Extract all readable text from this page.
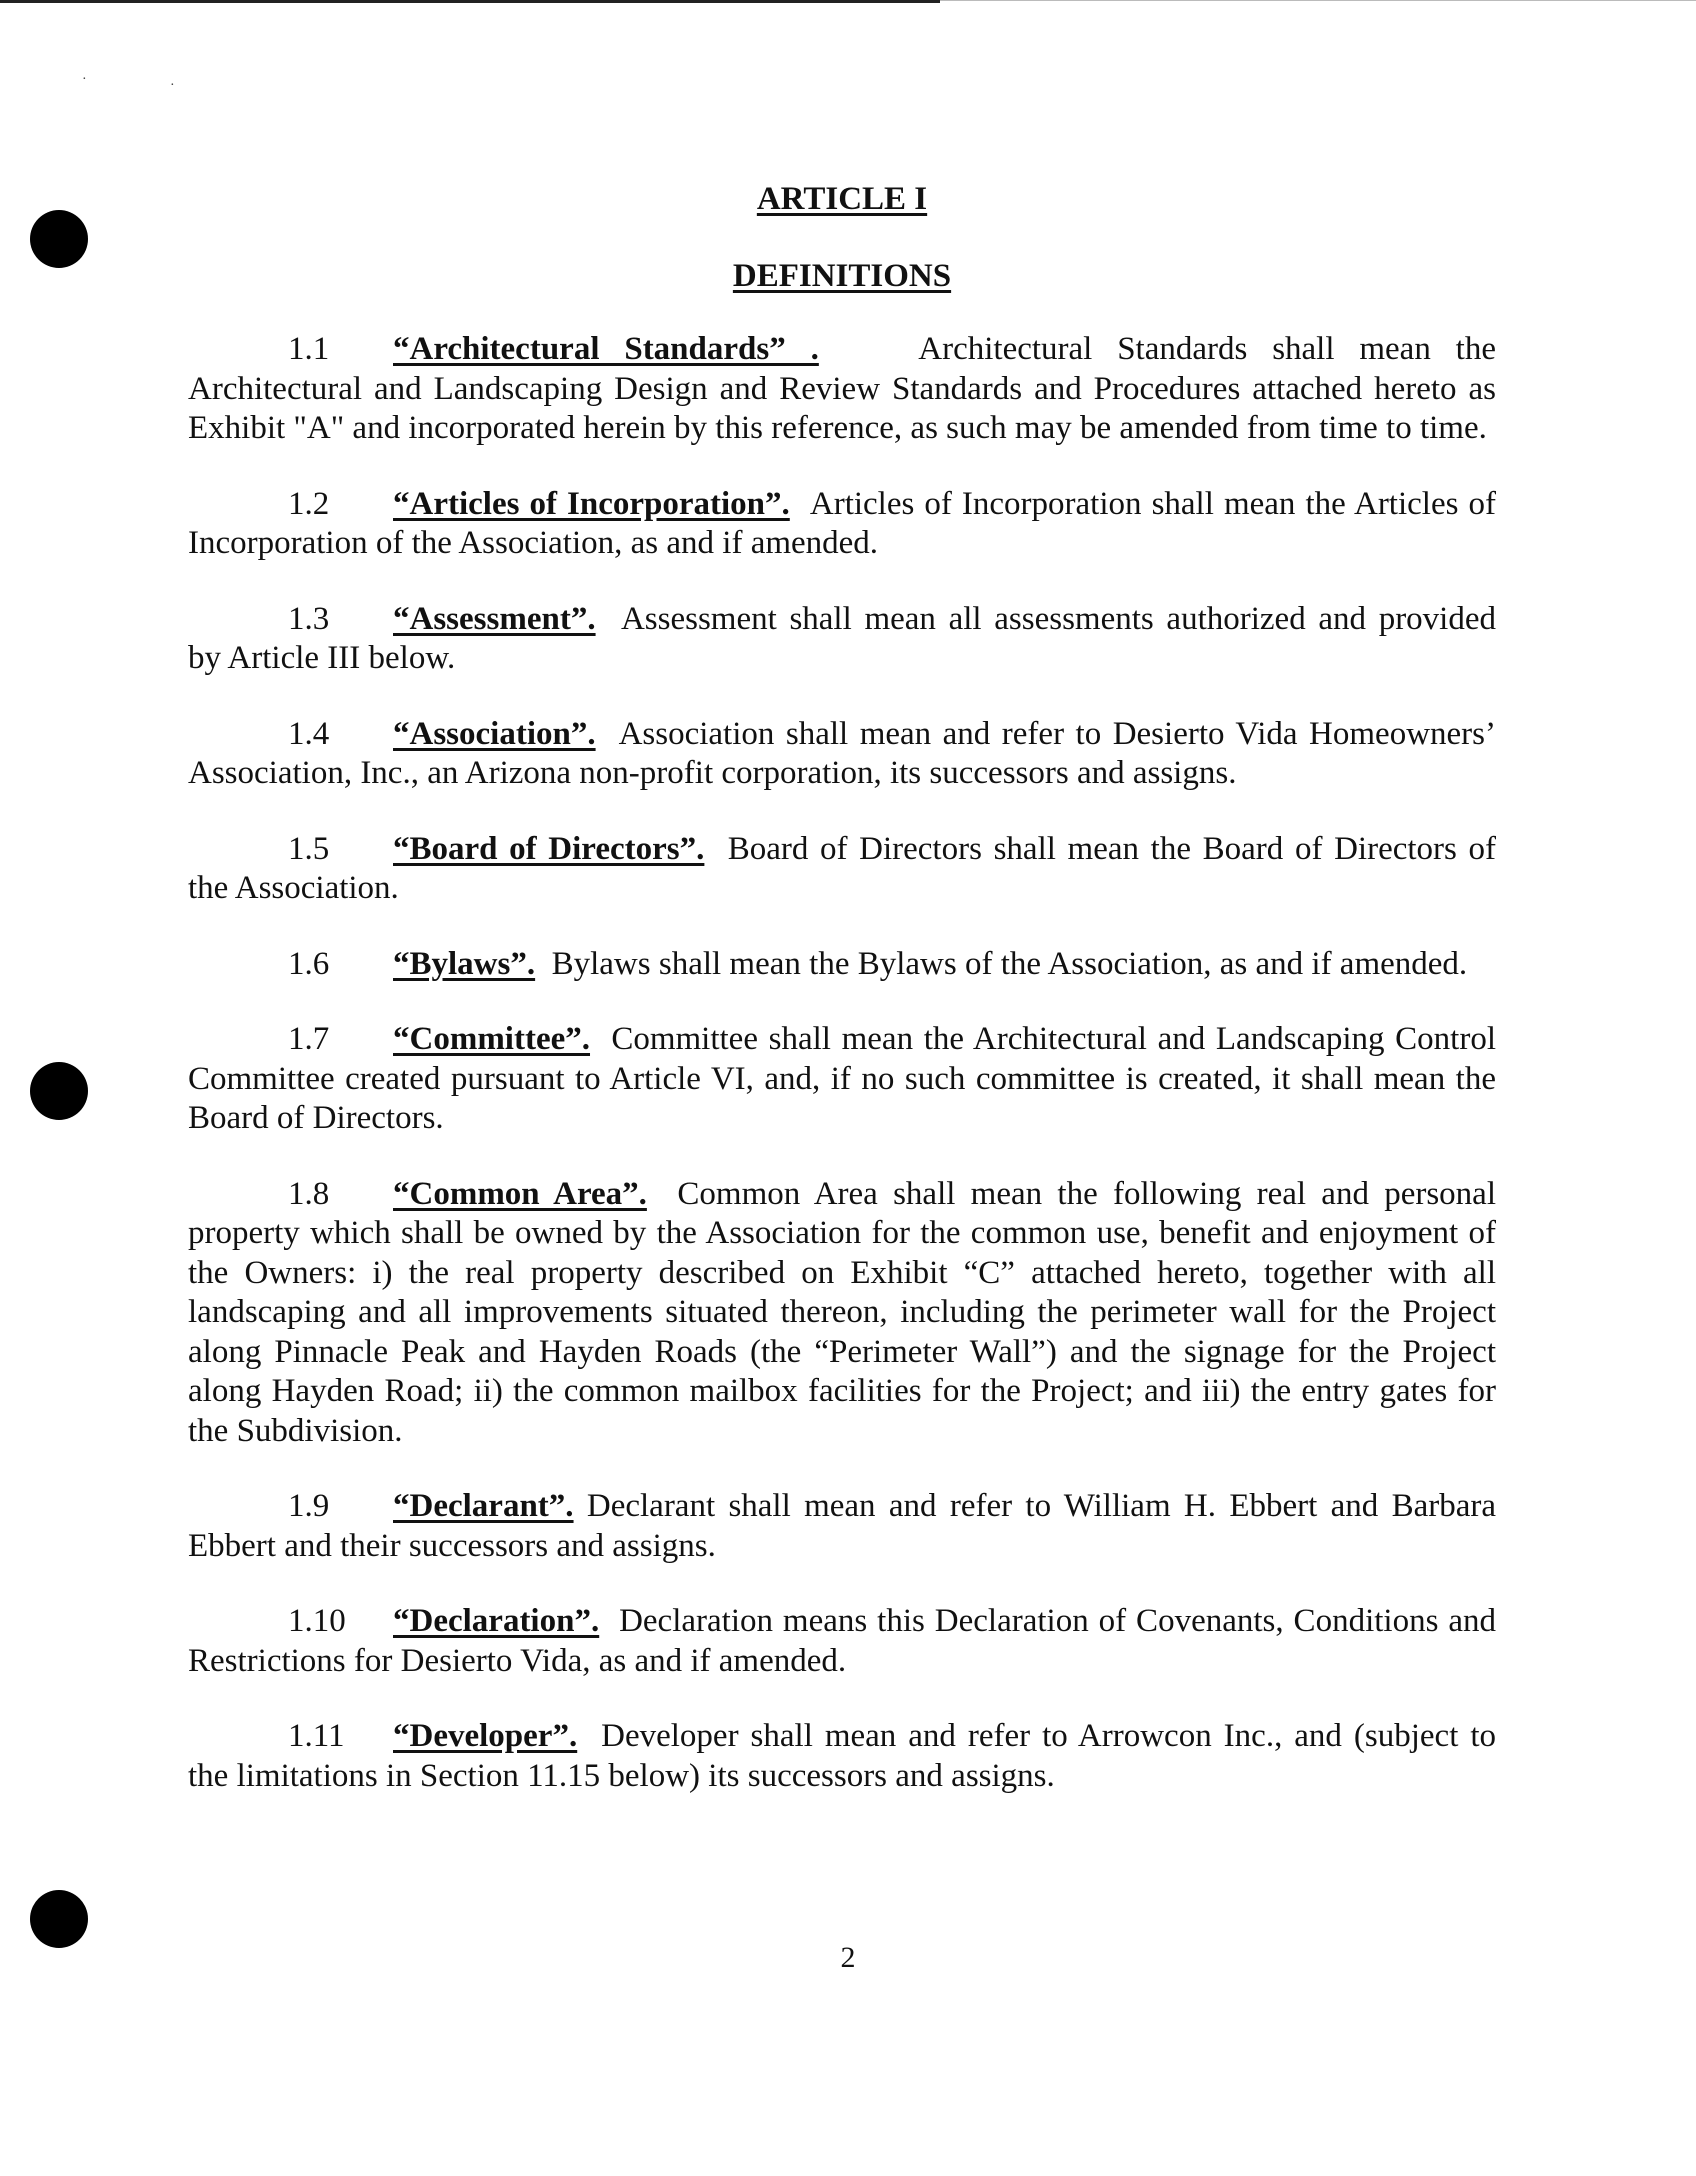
·	·

ARTICLE I

DEFINITIONS

1.1 “Architectural Standards” .	Architectural Standards shall mean the Architectural and Landscaping Design and Review Standards and Procedures attached hereto as Exhibit "A" and incorporated herein by this reference, as such may be amended from time to time.

1.2 “Articles of Incorporation”. Articles of Incorporation shall mean the Articles of Incorporation of the Association, as and if amended.

1.3 “Assessment”. Assessment shall mean all assessments authorized and provided by Article III below.

1.4 “Association”. Association shall mean and refer to Desierto Vida Homeowners’ Association, Inc., an Arizona non-profit corporation, its successors and assigns.

1.5 “Board of Directors”. Board of Directors shall mean the Board of Directors of the Association.

1.6 “Bylaws”. Bylaws shall mean the Bylaws of the Association, as and if amended.

1.7 “Committee”. Committee shall mean the Architectural and Landscaping Control Committee created pursuant to Article VI, and, if no such committee is created, it shall mean the Board of Directors.

1.8 “Common Area”. Common Area shall mean the following real and personal property which shall be owned by the Association for the common use, benefit and enjoyment of the Owners: i) the real property described on Exhibit “C” attached hereto, together with all landscaping and all improvements situated thereon, including the perimeter wall for the Project along Pinnacle Peak and Hayden Roads (the “Perimeter Wall”) and the signage for the Project along Hayden Road; ii) the common mailbox facilities for the Project; and iii) the entry gates for the Subdivision.

1.9 “Declarant”. Declarant shall mean and refer to William H. Ebbert and Barbara Ebbert and their successors and assigns.

1.10 “Declaration”. Declaration means this Declaration of Covenants, Conditions and Restrictions for Desierto Vida, as and if amended.

1.11 “Developer”. Developer shall mean and refer to Arrowcon Inc., and (subject to the limitations in Section 11.15 below) its successors and assigns.

2
